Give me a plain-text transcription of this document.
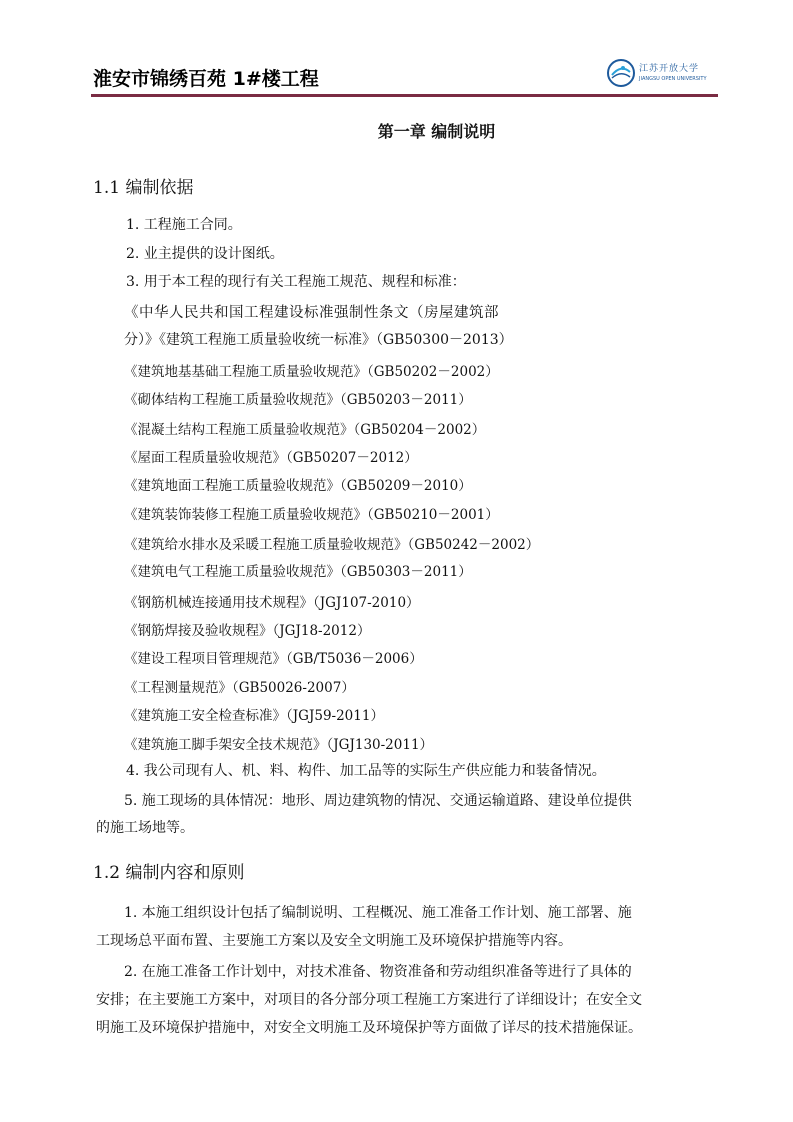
淮安市锦绣百苑 1#楼工程	江苏开放大学
JIANGSU OPEN UNIVERSITY
第一章 编制说明
1.1 编制依据
1. 工程施工合同。
2. 业主提供的设计图纸。
3. 用于本工程的现行有关工程施工规范、规程和标准：
《中华人民共和国工程建设标准强制性条文（房屋建筑部
分）》《建筑工程施工质量验收统一标准》（GB50300－2013）
《建筑地基基础工程施工质量验收规范》（GB50202－2002）
《砌体结构工程施工质量验收规范》（GB50203－2011）
《混凝土结构工程施工质量验收规范》（GB50204－2002）
《屋面工程质量验收规范》（GB50207－2012）
《建筑地面工程施工质量验收规范》（GB50209－2010）
《建筑装饰装修工程施工质量验收规范》（GB50210－2001）
《建筑给水排水及采暖工程施工质量验收规范》（GB50242－2002）
《建筑电气工程施工质量验收规范》（GB50303－2011）
《钢筋机械连接通用技术规程》（JGJ107-2010）
《钢筋焊接及验收规程》（JGJ18-2012）
《建设工程项目管理规范》（GB/T5036－2006）
《工程测量规范》（GB50026-2007）
《建筑施工安全检查标准》（JGJ59-2011）
《建筑施工脚手架安全技术规范》（JGJ130-2011）
4. 我公司现有人、机、料、构件、加工品等的实际生产供应能力和装备情况。
5. 施工现场的具体情况：地形、周边建筑物的情况、交通运输道路、建设单位提供
的施工场地等。
1.2 编制内容和原则
1. 本施工组织设计包括了编制说明、工程概况、施工准备工作计划、施工部署、施
工现场总平面布置、主要施工方案以及安全文明施工及环境保护措施等内容。
2. 在施工准备工作计划中，对技术准备、物资准备和劳动组织准备等进行了具体的
安排；在主要施工方案中，对项目的各分部分项工程施工方案进行了详细设计；在安全文
明施工及环境保护措施中，对安全文明施工及环境保护等方面做了详尽的技术措施保证。
